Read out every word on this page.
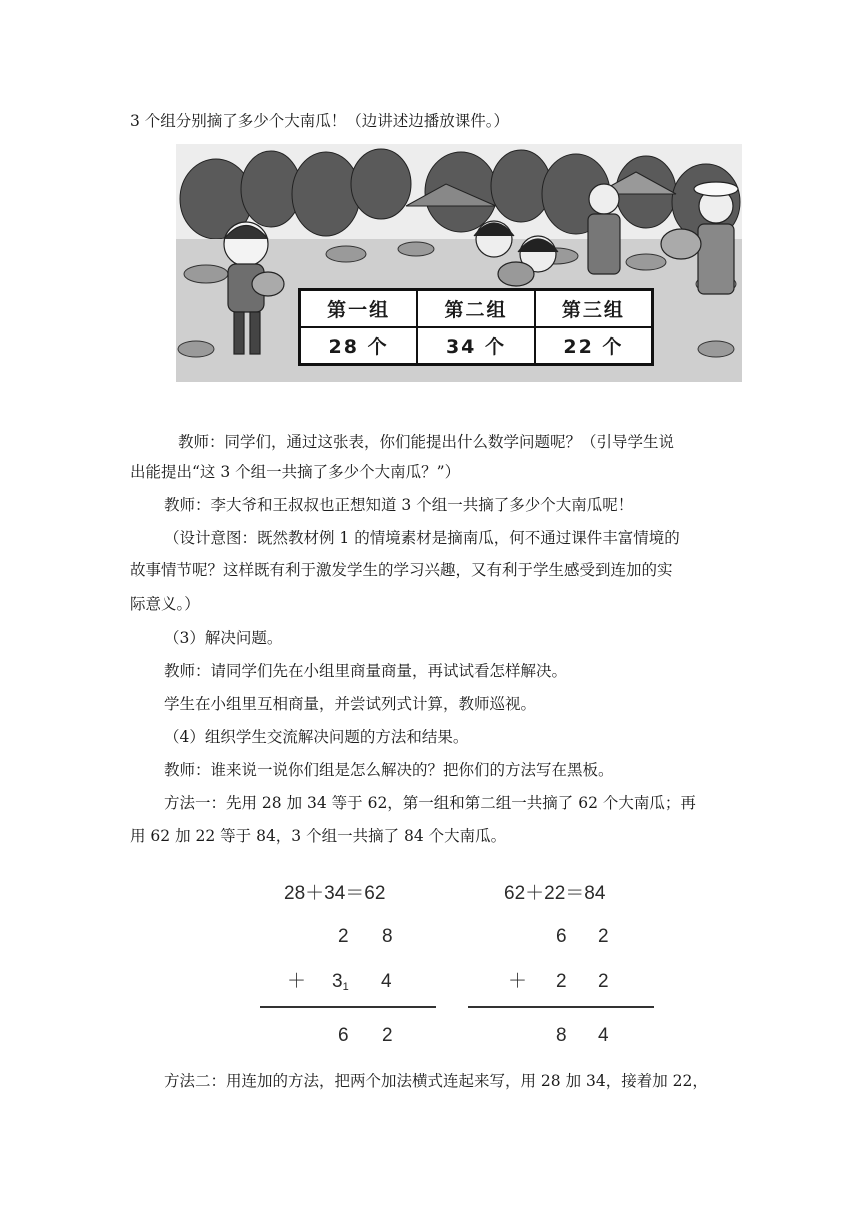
3 个组分别摘了多少个大南瓜！（边讲述边播放课件。）
第一组	第二组	第三组
28 个	34 个	22 个
教师：同学们，通过这张表，你们能提出什么数学问题呢？（引导学生说
出能提出“这 3 个组一共摘了多少个大南瓜？”）
教师：李大爷和王叔叔也正想知道 3 个组一共摘了多少个大南瓜呢！
（设计意图：既然教材例 1 的情境素材是摘南瓜，何不通过课件丰富情境的
故事情节呢？这样既有利于激发学生的学习兴趣，又有利于学生感受到连加的实
际意义。）
（3）解决问题。
教师：请同学们先在小组里商量商量，再试试看怎样解决。
学生在小组里互相商量，并尝试列式计算，教师巡视。
（4）组织学生交流解决问题的方法和结果。
教师：谁来说一说你们组是怎么解决的？把你们的方法写在黑板。
方法一：先用 28 加 34 等于 62，第一组和第二组一共摘了 62 个大南瓜；再
用 62 加 22 等于 84，3 个组一共摘了 84 个大南瓜。
28＋34＝62
2 8
＋ $3_1$ 4
6 2
62＋22＝84
6 2
＋ 2 2
8 4
方法二：用连加的方法，把两个加法横式连起来写，用 28 加 34，接着加 22，
